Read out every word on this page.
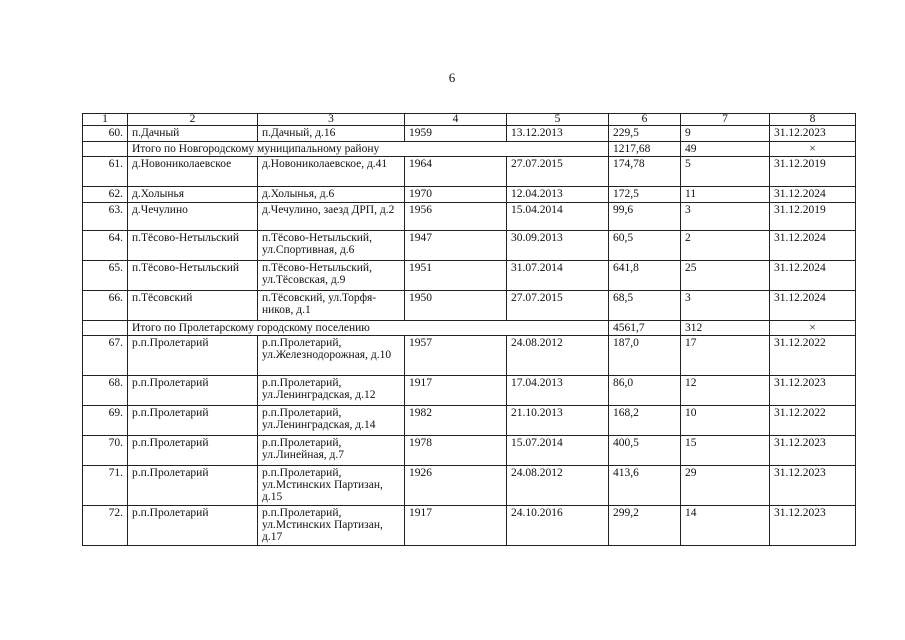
6
1	2	3	4	5	6	7	8
60.	п.Дачный	п.Дачный, д.16	1959	13.12.2013	229,5	9	31.12.2023
	Итого по Новгородскому муниципальному району				1217,68	49	×
61.	д.Новониколаевское	д.Новониколаевское, д.41	1964	27.07.2015	174,78	5	31.12.2019
62.	д.Холынья	д.Холынья, д.6	1970	12.04.2013	172,5	11	31.12.2024
63.	д.Чечулино	д.Чечулино, заезд ДРП, д.2	1956	15.04.2014	99,6	3	31.12.2019
64.	п.Тёсово-Нетыльский	п.Тёсово-Нетыльский, ул.Спортивная, д.6	1947	30.09.2013	60,5	2	31.12.2024
65.	п.Тёсово-Нетыльский	п.Тёсово-Нетыльский, ул.Тёсовская, д.9	1951	31.07.2014	641,8	25	31.12.2024
66.	п.Тёсовский	п.Тёсовский, ул.Торфя-ников, д.1	1950	27.07.2015	68,5	3	31.12.2024
	Итого по Пролетарскому городскому поселению				4561,7	312	×
67.	р.п.Пролетарий	р.п.Пролетарий, ул.Железнодорожная, д.10	1957	24.08.2012	187,0	17	31.12.2022
68.	р.п.Пролетарий	р.п.Пролетарий, ул.Ленинградская, д.12	1917	17.04.2013	86,0	12	31.12.2023
69.	р.п.Пролетарий	р.п.Пролетарий, ул.Ленинградская, д.14	1982	21.10.2013	168,2	10	31.12.2022
70.	р.п.Пролетарий	р.п.Пролетарий, ул.Линейная, д.7	1978	15.07.2014	400,5	15	31.12.2023
71.	р.п.Пролетарий	р.п.Пролетарий, ул.Мстинских Партизан, д.15	1926	24.08.2012	413,6	29	31.12.2023
72.	р.п.Пролетарий	р.п.Пролетарий, ул.Мстинских Партизан, д.17	1917	24.10.2016	299,2	14	31.12.2023
